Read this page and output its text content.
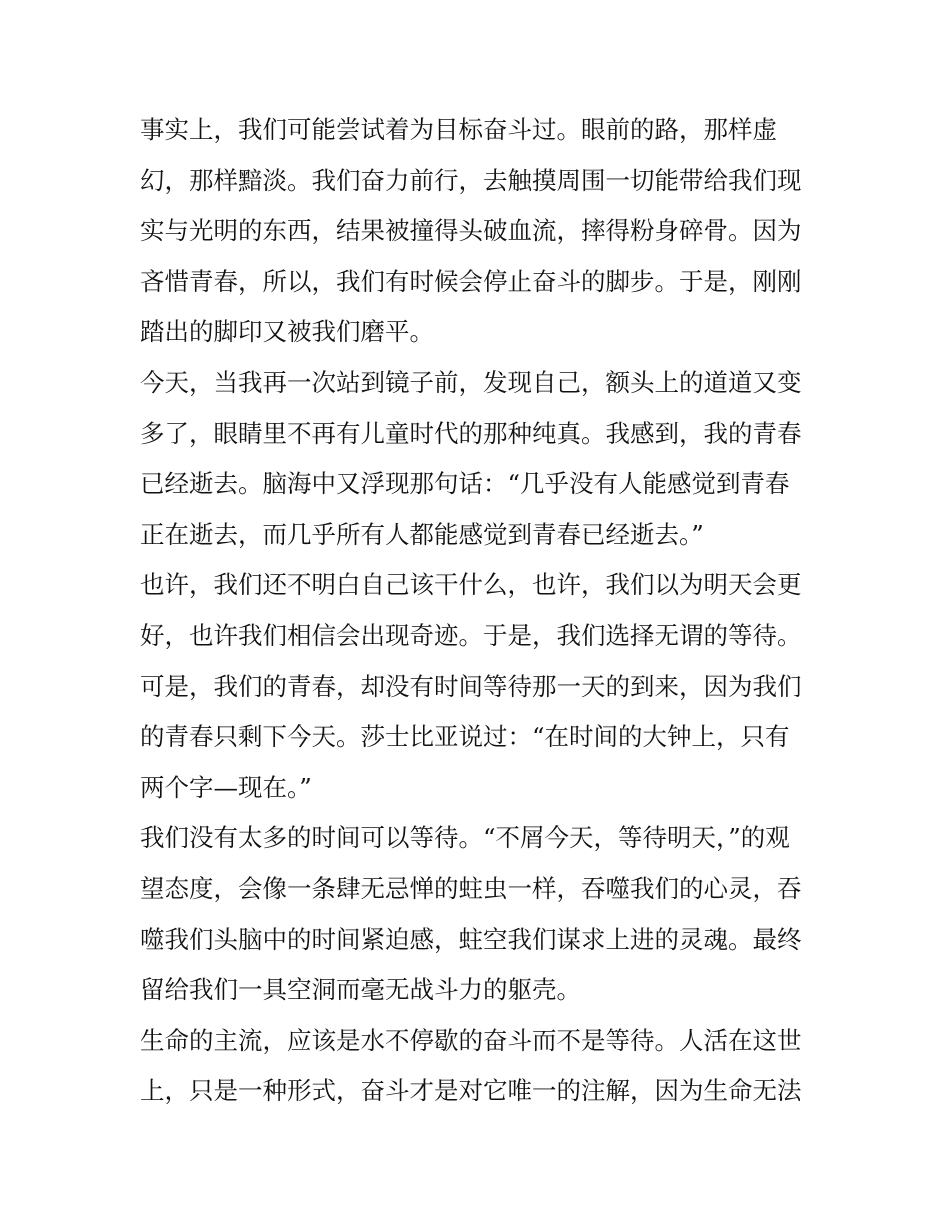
事实上，我们可能尝试着为目标奋斗过。眼前的路，那样虚
幻，那样黯淡。我们奋力前行，去触摸周围一切能带给我们现
实与光明的东西，结果被撞得头破血流，摔得粉身碎骨。因为
吝惜青春，所以，我们有时候会停止奋斗的脚步。于是，刚刚
踏出的脚印又被我们磨平。
今天，当我再一次站到镜子前，发现自己，额头上的道道又变
多了，眼睛里不再有儿童时代的那种纯真。我感到，我的青春
已经逝去。脑海中又浮现那句话：“几乎没有人能感觉到青春
正在逝去，而几乎所有人都能感觉到青春已经逝去。”
也许，我们还不明白自己该干什么，也许，我们以为明天会更
好，也许我们相信会出现奇迹。于是，我们选择无谓的等待。
可是，我们的青春，却没有时间等待那一天的到来，因为我们
的青春只剩下今天。莎士比亚说过：“在时间的大钟上，只有
两个字—现在。”
我们没有太多的时间可以等待。“不屑今天，等待明天，”的观
望态度，会像一条肆无忌惮的蛀虫一样，吞噬我们的心灵，吞
噬我们头脑中的时间紧迫感，蛀空我们谋求上进的灵魂。最终
留给我们一具空洞而毫无战斗力的躯壳。
生命的主流，应该是水不停歇的奋斗而不是等待。人活在这世
上，只是一种形式，奋斗才是对它唯一的注解，因为生命无法
